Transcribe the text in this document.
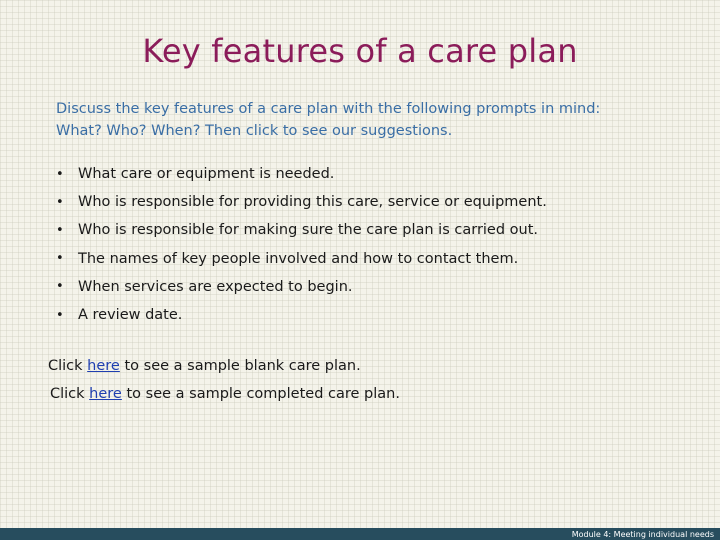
Key features of a care plan
Discuss the key features of a care plan with the following prompts in mind:
What? Who? When? Then click to see our suggestions.
• What care or equipment is needed.
• Who is responsible for providing this care, service or equipment.
• Who is responsible for making sure the care plan is carried out.
• The names of key people involved and how to contact them.
• When services are expected to begin.
• A review date.
Click here to see a sample blank care plan.
Click here to see a sample completed care plan.
Module 4: Meeting individual needs
